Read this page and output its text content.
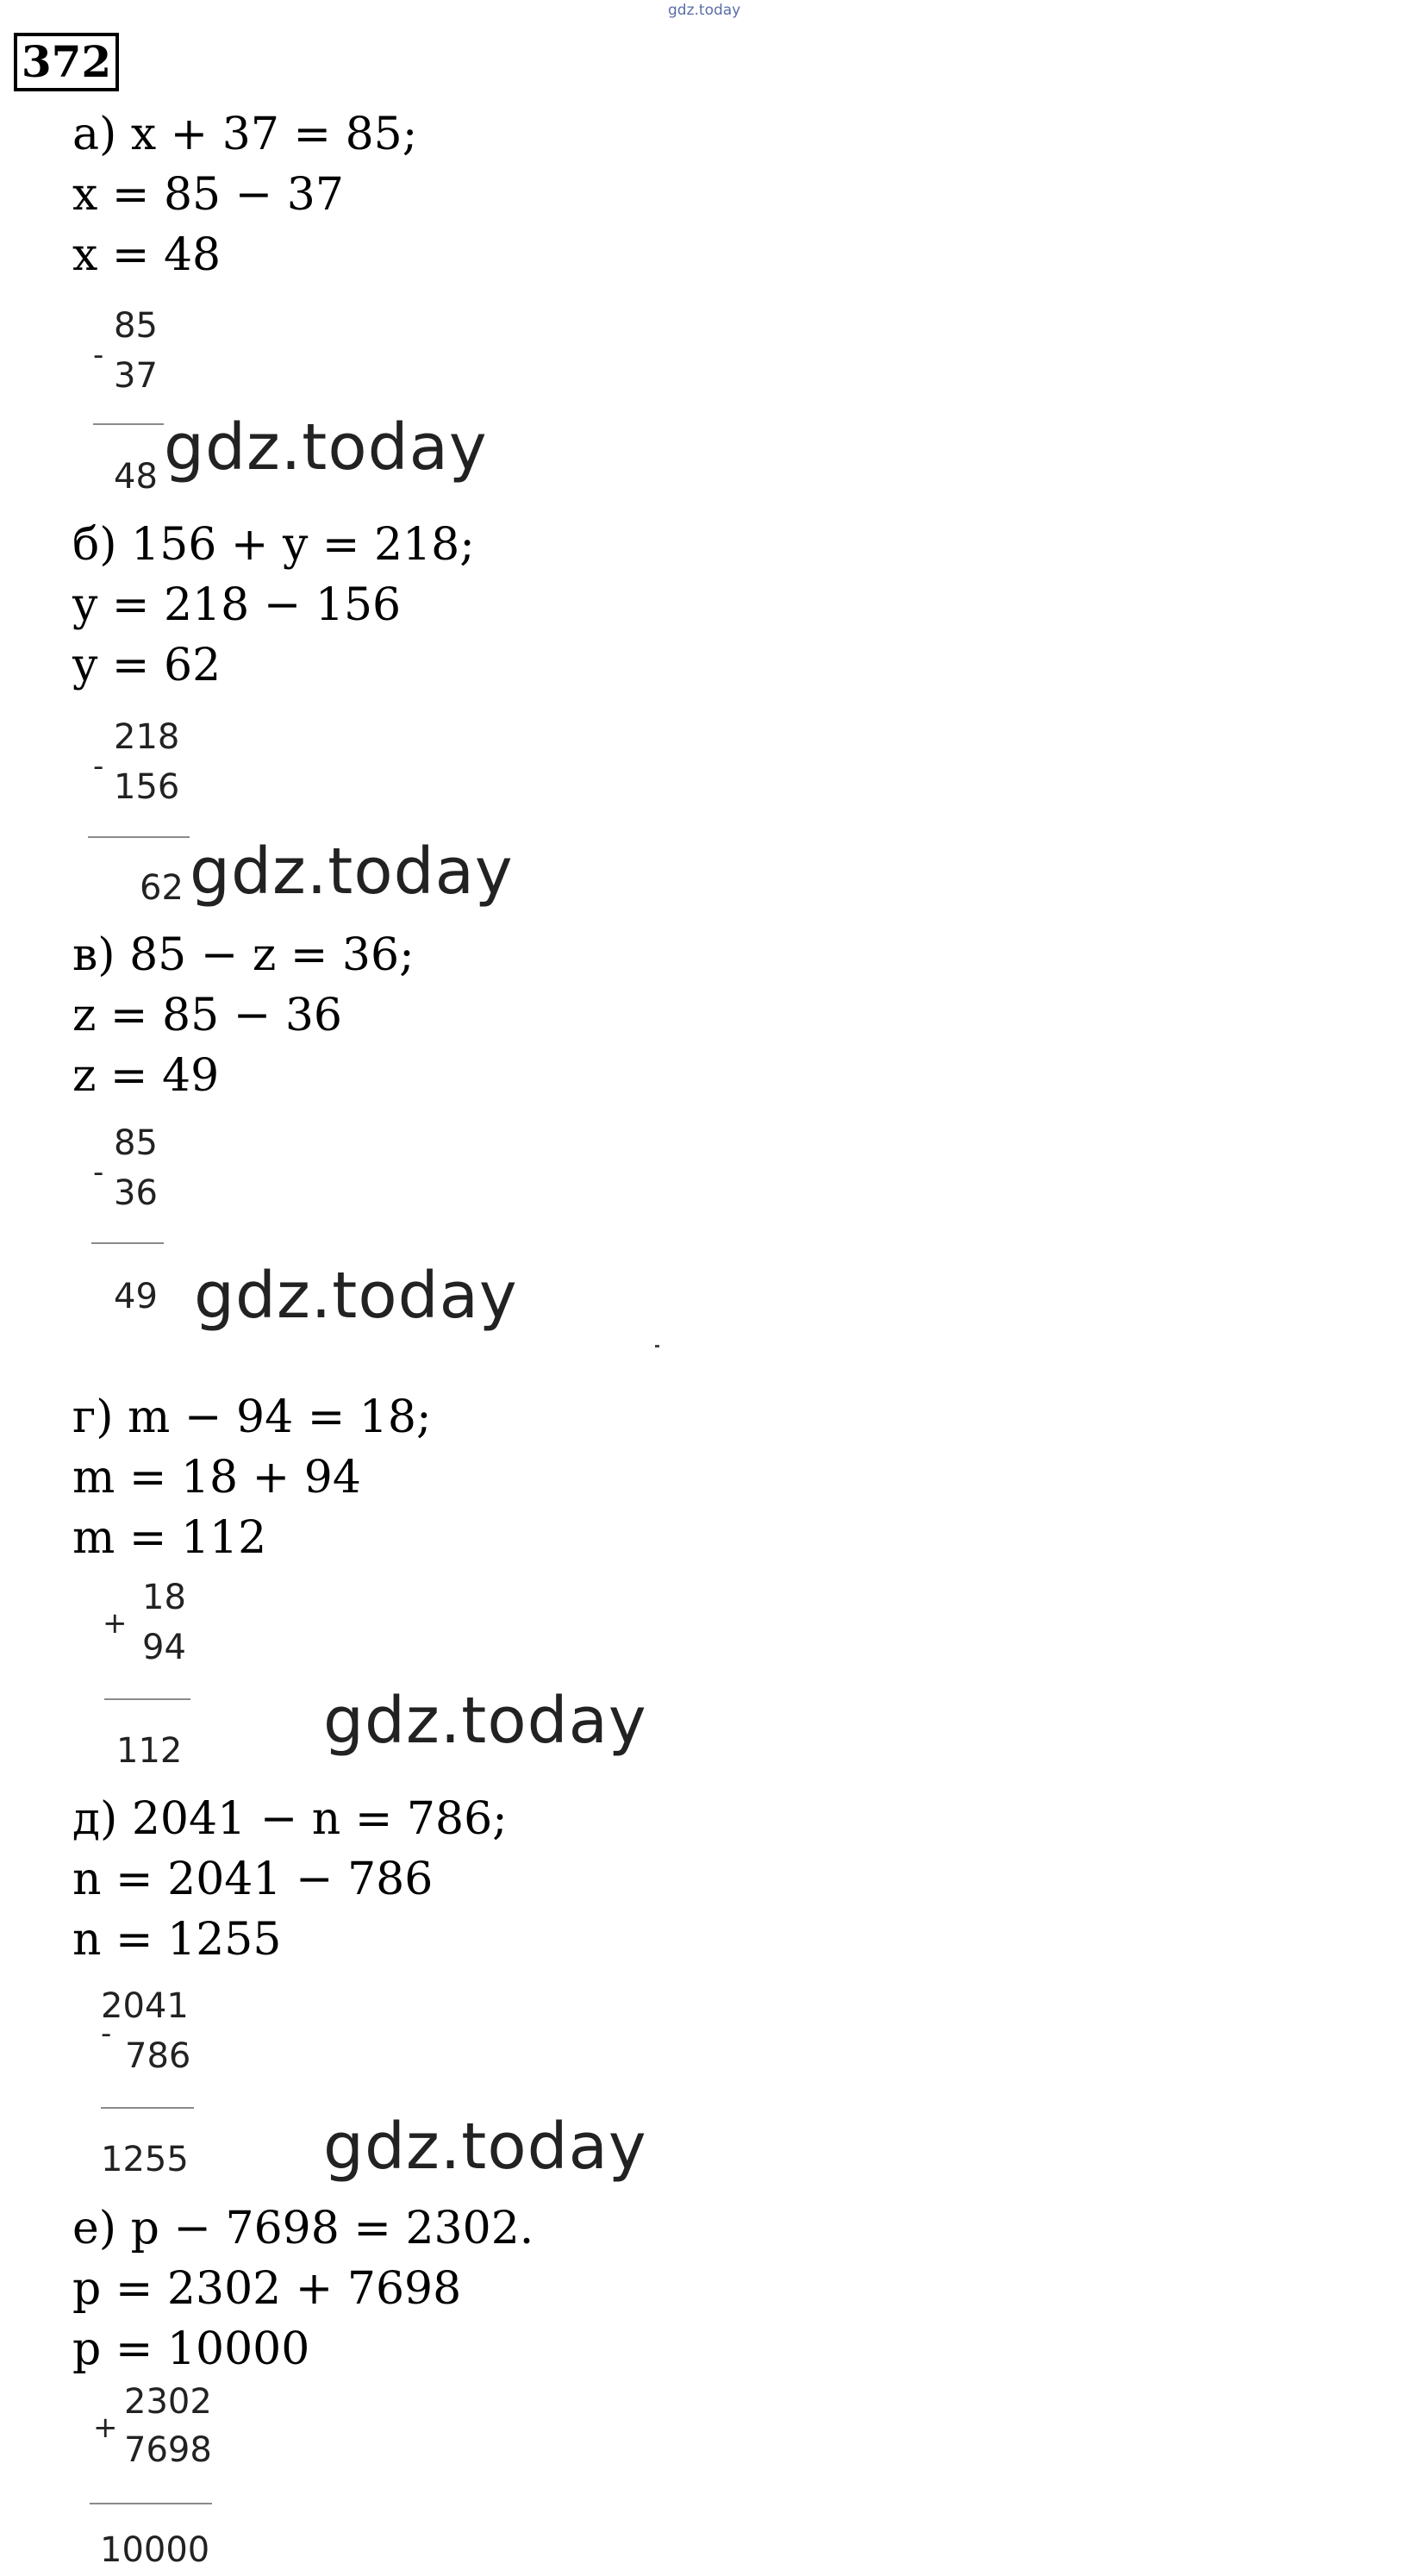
gdz.today
372
а) x + 37 = 85;
x = 85 − 37
x = 48
85
-
37
48 gdz.today
б) 156 + y = 218;
y = 218 − 156
y = 62
218
-
156
62 gdz.today
в) 85 − z = 36;
z = 85 − 36
z = 49
85
-
36
49 gdz.today
г) m − 94 = 18;
m = 18 + 94
m = 112
18
+
94
112 gdz.today
д) 2041 − n = 786;
n = 2041 − 786
n = 1255
2041
-
786
1255 gdz.today
е) p − 7698 = 2302.
p = 2302 + 7698
p = 10000
2302
+
7698
10000
